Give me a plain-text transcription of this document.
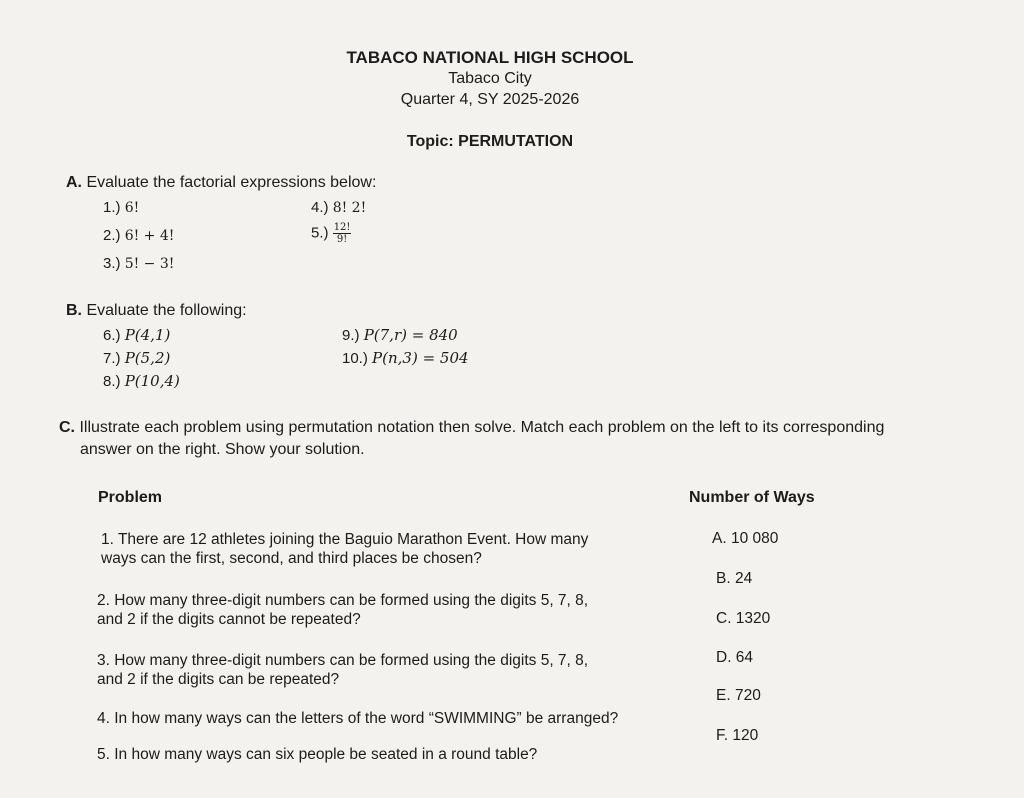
TABACO NATIONAL HIGH SCHOOL
Tabaco City
Quarter 4, SY 2025-2026
Topic: PERMUTATION
A. Evaluate the factorial expressions below:
1.) 6!
2.) 6! + 4!
3.) 5! − 3!
4.) 8! 2!
$5.) \frac{12!}{9!}$
B. Evaluate the following:
6.) P(4,1)
7.) P(5,2)
8.) P(10,4)
9.) P(7,r) = 840
10.) P(n,3) = 504
C. Illustrate each problem using permutation notation then solve. Match each problem on the left to its corresponding
answer on the right. Show your solution.
Problem	Number of Ways
1. There are 12 athletes joining the Baguio Marathon Event. How many
ways can the first, second, and third places be chosen?
2. How many three-digit numbers can be formed using the digits 5, 7, 8,
and 2 if the digits cannot be repeated?
3. How many three-digit numbers can be formed using the digits 5, 7, 8,
and 2 if the digits can be repeated?
4. In how many ways can the letters of the word “SWIMMING” be arranged?
5. In how many ways can six people be seated in a round table?
A. 10 080
B. 24
C. 1320
D. 64
E. 720
F. 120
